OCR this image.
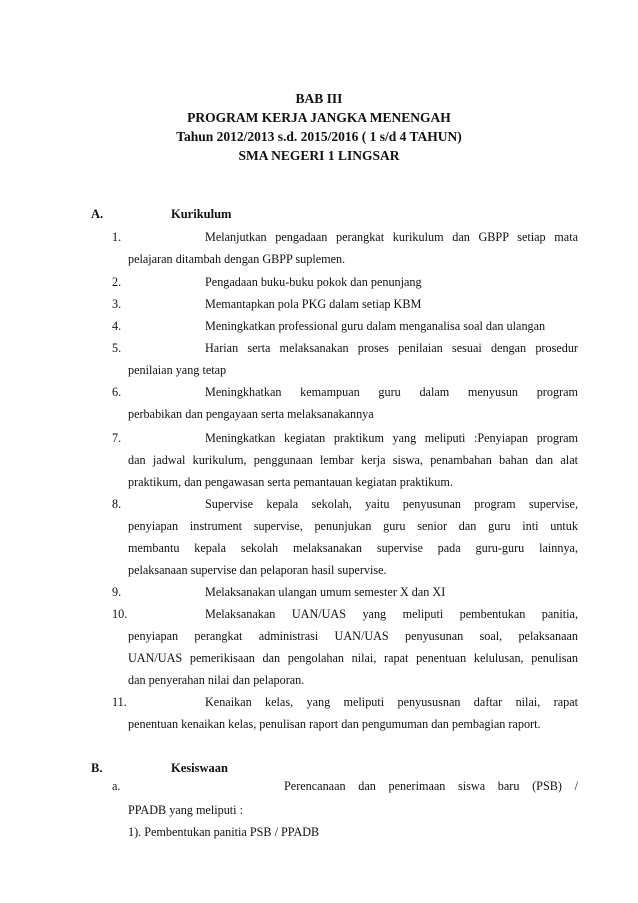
BAB III
PROGRAM KERJA JANGKA MENENGAH
Tahun 2012/2013 s.d. 2015/2016 ( 1 s/d 4 TAHUN)
SMA NEGERI 1 LINGSAR
A.	Kurikulum
1.	Melanjutkan pengadaan perangkat kurikulum dan GBPP setiap mata
pelajaran ditambah dengan GBPP suplemen.
2.	Pengadaan buku-buku pokok dan penunjang
3.	Memantapkan pola PKG dalam setiap KBM
4.	Meningkatkan professional guru dalam menganalisa soal dan ulangan
5.	Harian serta melaksanakan proses penilaian sesuai dengan prosedur
penilaian yang tetap
6.	Meningkhatkan kemampuan guru dalam menyusun program
perbabikan dan pengayaan serta melaksanakannya
7.	Meningkatkan kegiatan praktikum yang meliputi :Penyiapan program
dan jadwal kurikulum, penggunaan lembar kerja siswa, penambahan bahan dan alat
praktikum, dan pengawasan serta pemantauan kegiatan praktikum.
8.	Supervise kepala sekolah, yaitu penyusunan program supervise,
penyiapan instrument supervise, penunjukan guru senior dan guru inti untuk
membantu kepala sekolah melaksanakan supervise pada guru-guru lainnya,
pelaksanaan supervise dan pelaporan hasil supervise.
9.	Melaksanakan ulangan umum semester X dan XI
10.	Melaksanakan UAN/UAS yang meliputi pembentukan panitia,
penyiapan perangkat administrasi UAN/UAS penyusunan soal, pelaksanaan
UAN/UAS pemerikisaan dan pengolahan nilai, rapat penentuan kelulusan, penulisan
dan penyerahan nilai dan pelaporan.
11.	Kenaikan kelas, yang meliputi penyususnan daftar nilai, rapat
penentuan kenaikan kelas, penulisan raport dan pengumuman dan pembagian raport.
B.	Kesiswaan
a.	Perencanaan dan penerimaan siswa baru (PSB) /
PPADB yang meliputi :
1). Pembentukan panitia PSB / PPADB
